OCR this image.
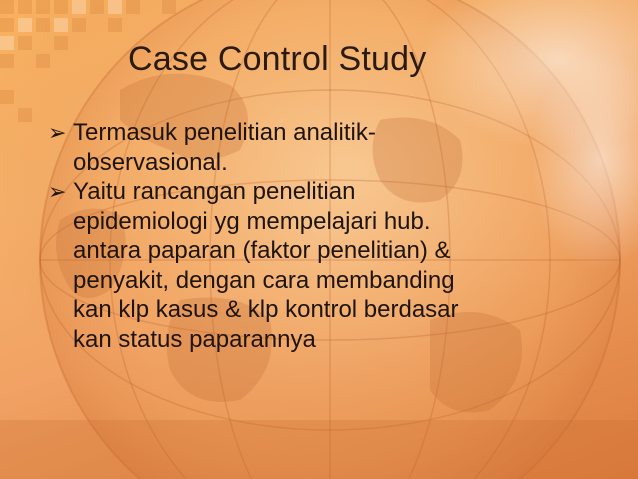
Case Control Study
➢ Termasuk penelitian analitik-
observasional.
➢ Yaitu rancangan penelitian
epidemiologi yg mempelajari hub.
antara paparan (faktor penelitian) &
penyakit, dengan cara membanding
kan klp kasus & klp kontrol berdasar
kan status paparannya
